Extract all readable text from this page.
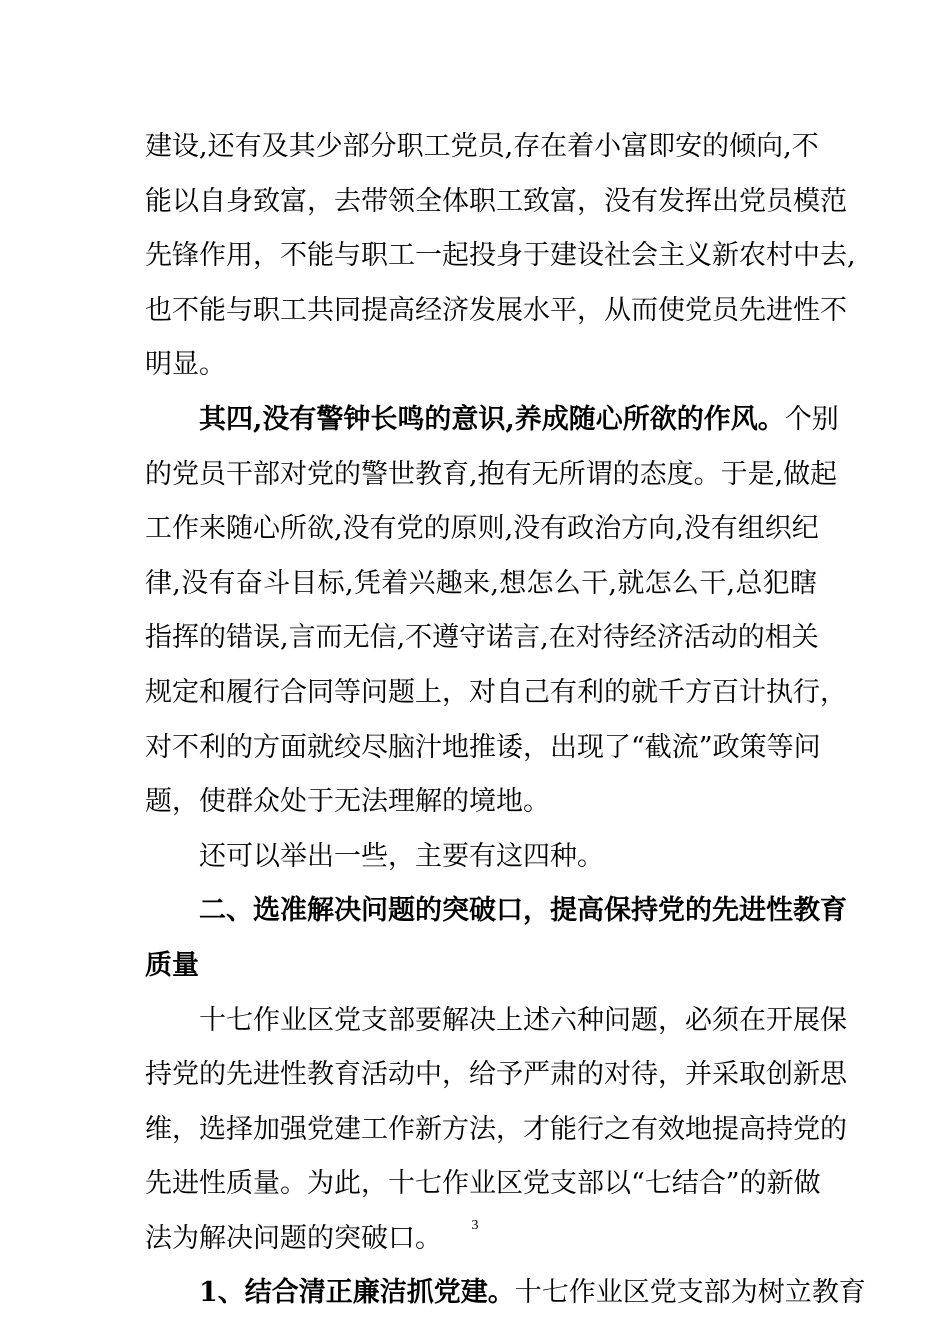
建设,还有及其少部分职工党员,存在着小富即安的倾向,不
能以自身致富，去带领全体职工致富，没有发挥出党员模范
先锋作用，不能与职工一起投身于建设社会主义新农村中去,
也不能与职工共同提高经济发展水平，从而使党员先进性不
明显。
其四,没有警钟长鸣的意识,养成随心所欲的作风。个别
的党员干部对党的警世教育,抱有无所谓的态度。于是,做起
工作来随心所欲,没有党的原则,没有政治方向,没有组织纪
律,没有奋斗目标,凭着兴趣来,想怎么干,就怎么干,总犯瞎
指挥的错误,言而无信,不遵守诺言,在对待经济活动的相关
规定和履行合同等问题上，对自己有利的就千方百计执行，
对不利的方面就绞尽脑汁地推诿，出现了“截流”政策等问
题，使群众处于无法理解的境地。
还可以举出一些，主要有这四种。
二、选准解决问题的突破口，提高保持党的先进性教育
质量
十七作业区党支部要解决上述六种问题，必须在开展保
持党的先进性教育活动中，给予严肃的对待，并采取创新思
维，选择加强党建工作新方法，才能行之有效地提高持党的
先进性质量。为此，十七作业区党支部以“七结合”的新做
法为解决问题的突破口。
1、结合清正廉洁抓党建。十七作业区党支部为树立教育
3
